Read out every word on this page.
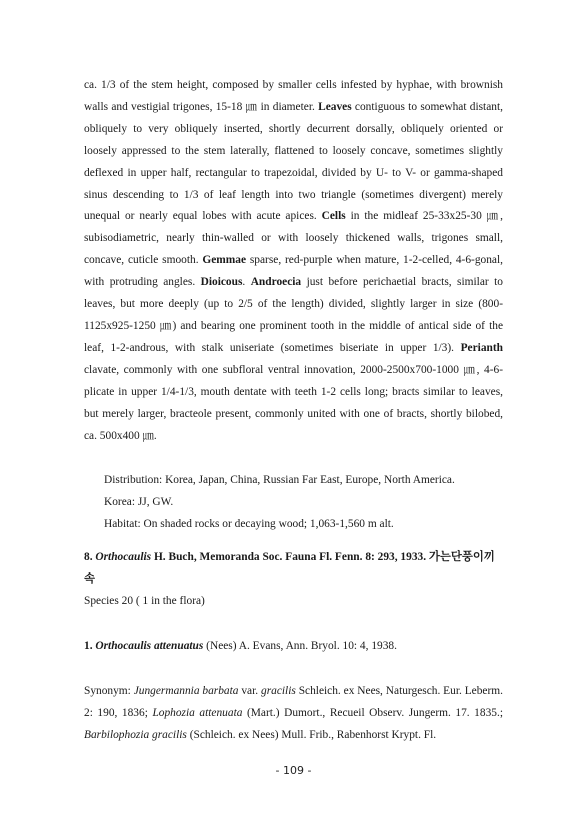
ca. 1/3 of the stem height, composed by smaller cells infested by hyphae, with brownish walls and vestigial trigones, 15-18 ㎛ in diameter. Leaves contiguous to somewhat distant, obliquely to very obliquely inserted, shortly decurrent dorsally, obliquely oriented or loosely appressed to the stem laterally, flattened to loosely concave, sometimes slightly deflexed in upper half, rectangular to trapezoidal, divided by U- to V- or gamma-shaped sinus descending to 1/3 of leaf length into two triangle (sometimes divergent) merely unequal or nearly equal lobes with acute apices. Cells in the midleaf 25-33x25-30 ㎛, subisodiametric, nearly thin-walled or with loosely thickened walls, trigones small, concave, cuticle smooth. Gemmae sparse, red-purple when mature, 1-2-celled, 4-6-gonal, with protruding angles. Dioicous. Androecia just before perichaetial bracts, similar to leaves, but more deeply (up to 2/5 of the length) divided, slightly larger in size (800-1125x925-1250 ㎛) and bearing one prominent tooth in the middle of antical side of the leaf, 1-2-androus, with stalk uniseriate (sometimes biseriate in upper 1/3). Perianth clavate, commonly with one subfloral ventral innovation, 2000-2500x700-1000 ㎛, 4-6-plicate in upper 1/4-1/3, mouth dentate with teeth 1-2 cells long; bracts similar to leaves, but merely larger, bracteole present, commonly united with one of bracts, shortly bilobed, ca. 500x400 ㎛.

Distribution: Korea, Japan, China, Russian Far East, Europe, North America.

Korea: JJ, GW.

Habitat: On shaded rocks or decaying wood; 1,063-1,560 m alt.

8. Orthocaulis H. Buch, Memoranda Soc. Fauna Fl. Fenn. 8: 293, 1933. 가는단풍이끼속

Species 20 ( 1 in the flora)

1. Orthocaulis attenuatus (Nees) A. Evans, Ann. Bryol. 10: 4, 1938.

Synonym: Jungermannia barbata var. gracilis Schleich. ex Nees, Naturgesch. Eur. Leberm. 2: 190, 1836; Lophozia attenuata (Mart.) Dumort., Recueil Observ. Jungerm. 17. 1835.; Barbilophozia gracilis (Schleich. ex Nees) Mull. Frib., Rabenhorst Krypt. Fl.

- 109 -
